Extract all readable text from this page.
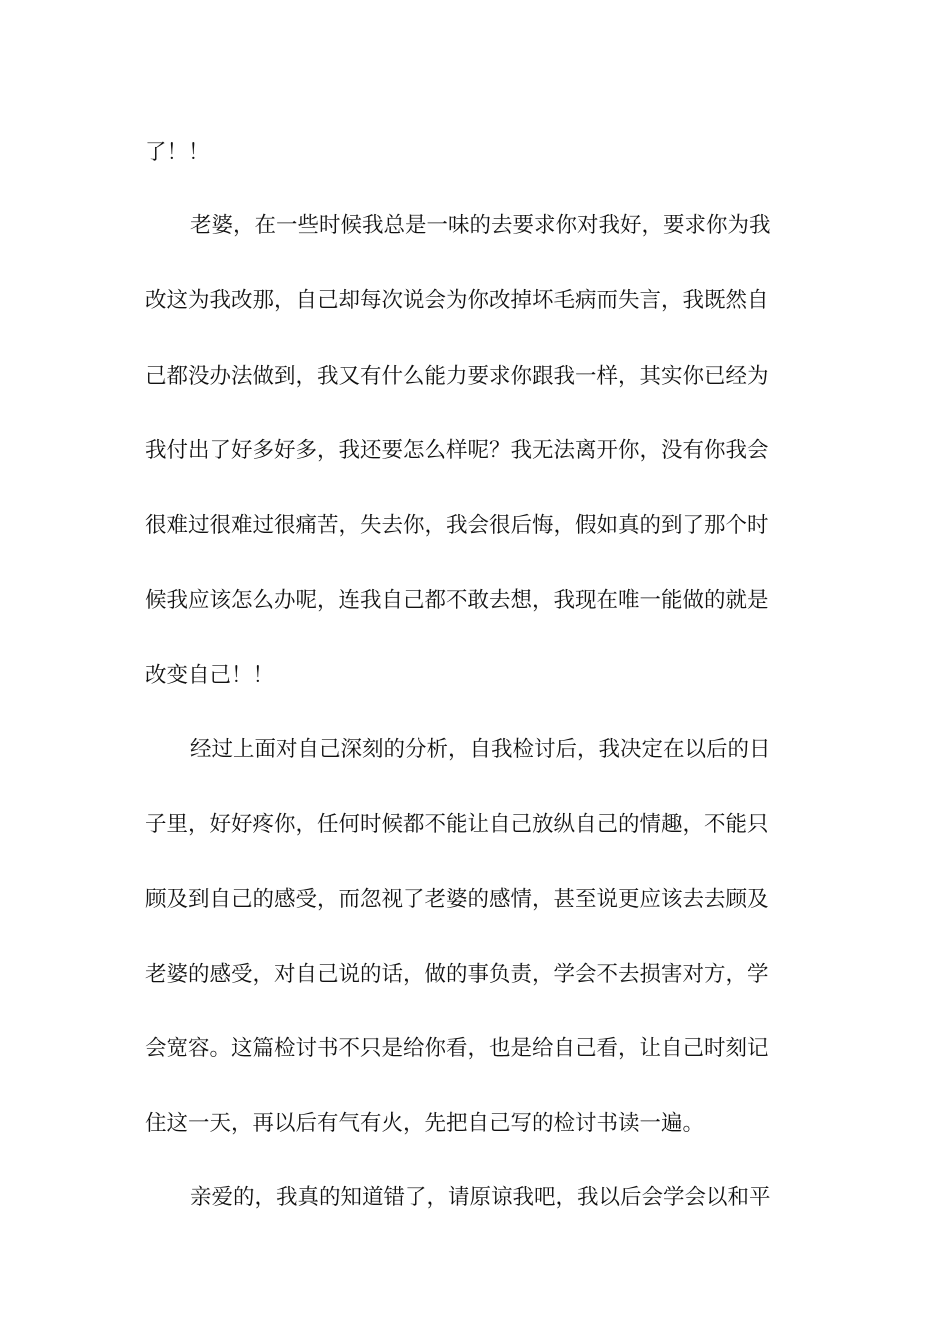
了！！
老婆，在一些时候我总是一味的去要求你对我好，要求你为我
改这为我改那，自己却每次说会为你改掉坏毛病而失言，我既然自
己都没办法做到，我又有什么能力要求你跟我一样，其实你已经为
我付出了好多好多，我还要怎么样呢？我无法离开你，没有你我会
很难过很难过很痛苦，失去你，我会很后悔，假如真的到了那个时
候我应该怎么办呢，连我自己都不敢去想，我现在唯一能做的就是
改变自己！！
经过上面对自己深刻的分析，自我检讨后，我决定在以后的日
子里，好好疼你，任何时候都不能让自己放纵自己的情趣，不能只
顾及到自己的感受，而忽视了老婆的感情，甚至说更应该去去顾及
老婆的感受，对自己说的话，做的事负责，学会不去损害对方，学
会宽容。这篇检讨书不只是给你看，也是给自己看，让自己时刻记
住这一天，再以后有气有火，先把自己写的检讨书读一遍。
亲爱的，我真的知道错了，请原谅我吧，我以后会学会以和平
